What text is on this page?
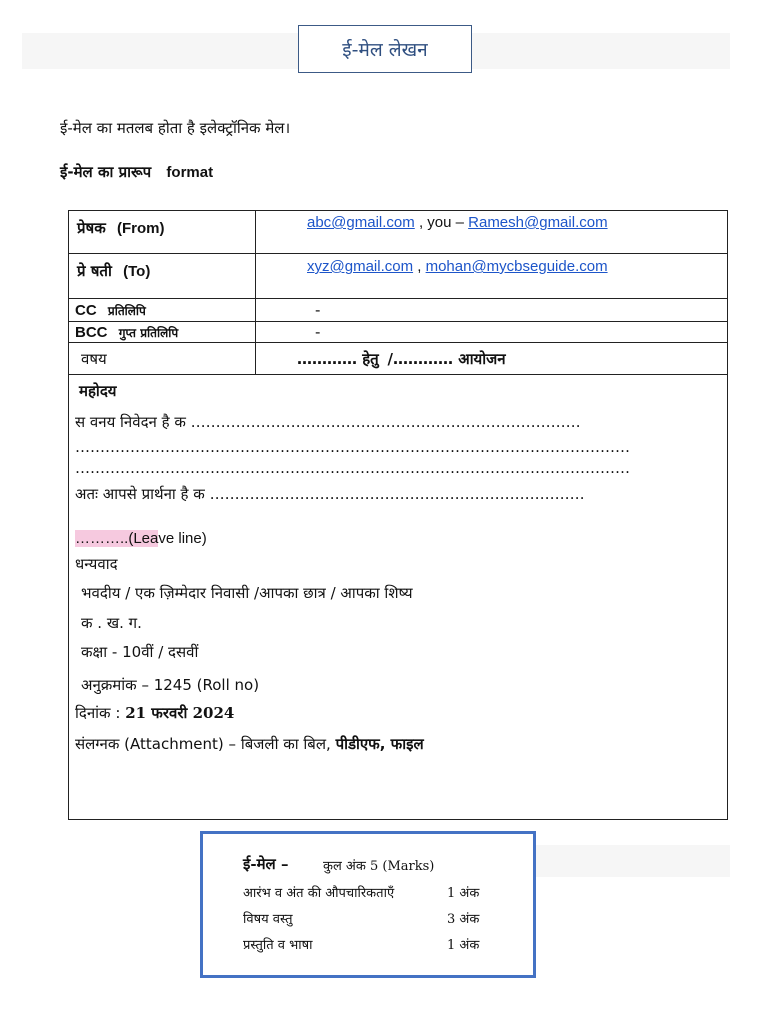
ई-मेल लेखन
ई-मेल का मतलब होता है इलेक्ट्रॉनिक मेल।
ई-मेल का प्रारूप format
प्रेषक (From)	abc@gmail.com , you – Ramesh@gmail.com
प्रे षती (To)	xyz@gmail.com , mohan@mycbseguide.com
CC प्रतिलिपि	-
BCC गुप्त प्रतिलिपि	-
वषय	………… हेतु /………… आयोजन
महोदय
स वनय निवेदन है क ……………………………………………………………………
…………………………………………………………………………………………………
…………………………………………………………………………………………………
अतः आपसे प्रार्थना है क …………………………………………………………………
………..(Leave line)
धन्यवाद
भवदीय / एक ज़िम्मेदार निवासी /आपका छात्र / आपका शिष्य
क . ख. ग.
कक्षा - 10वीं / दसवीं
अनुक्रमांक – 1245 (Roll no)
दिनांक : 21 फरवरी 2024
संलग्नक (Attachment) – बिजली का बिल, पीडीएफ, फाइल
ई-मेल –	कुल अंक 5 (Marks)
आरंभ व अंत की औपचारिकताएँ	1 अंक
विषय वस्तु	3 अंक
प्रस्तुति व भाषा	1 अंक
